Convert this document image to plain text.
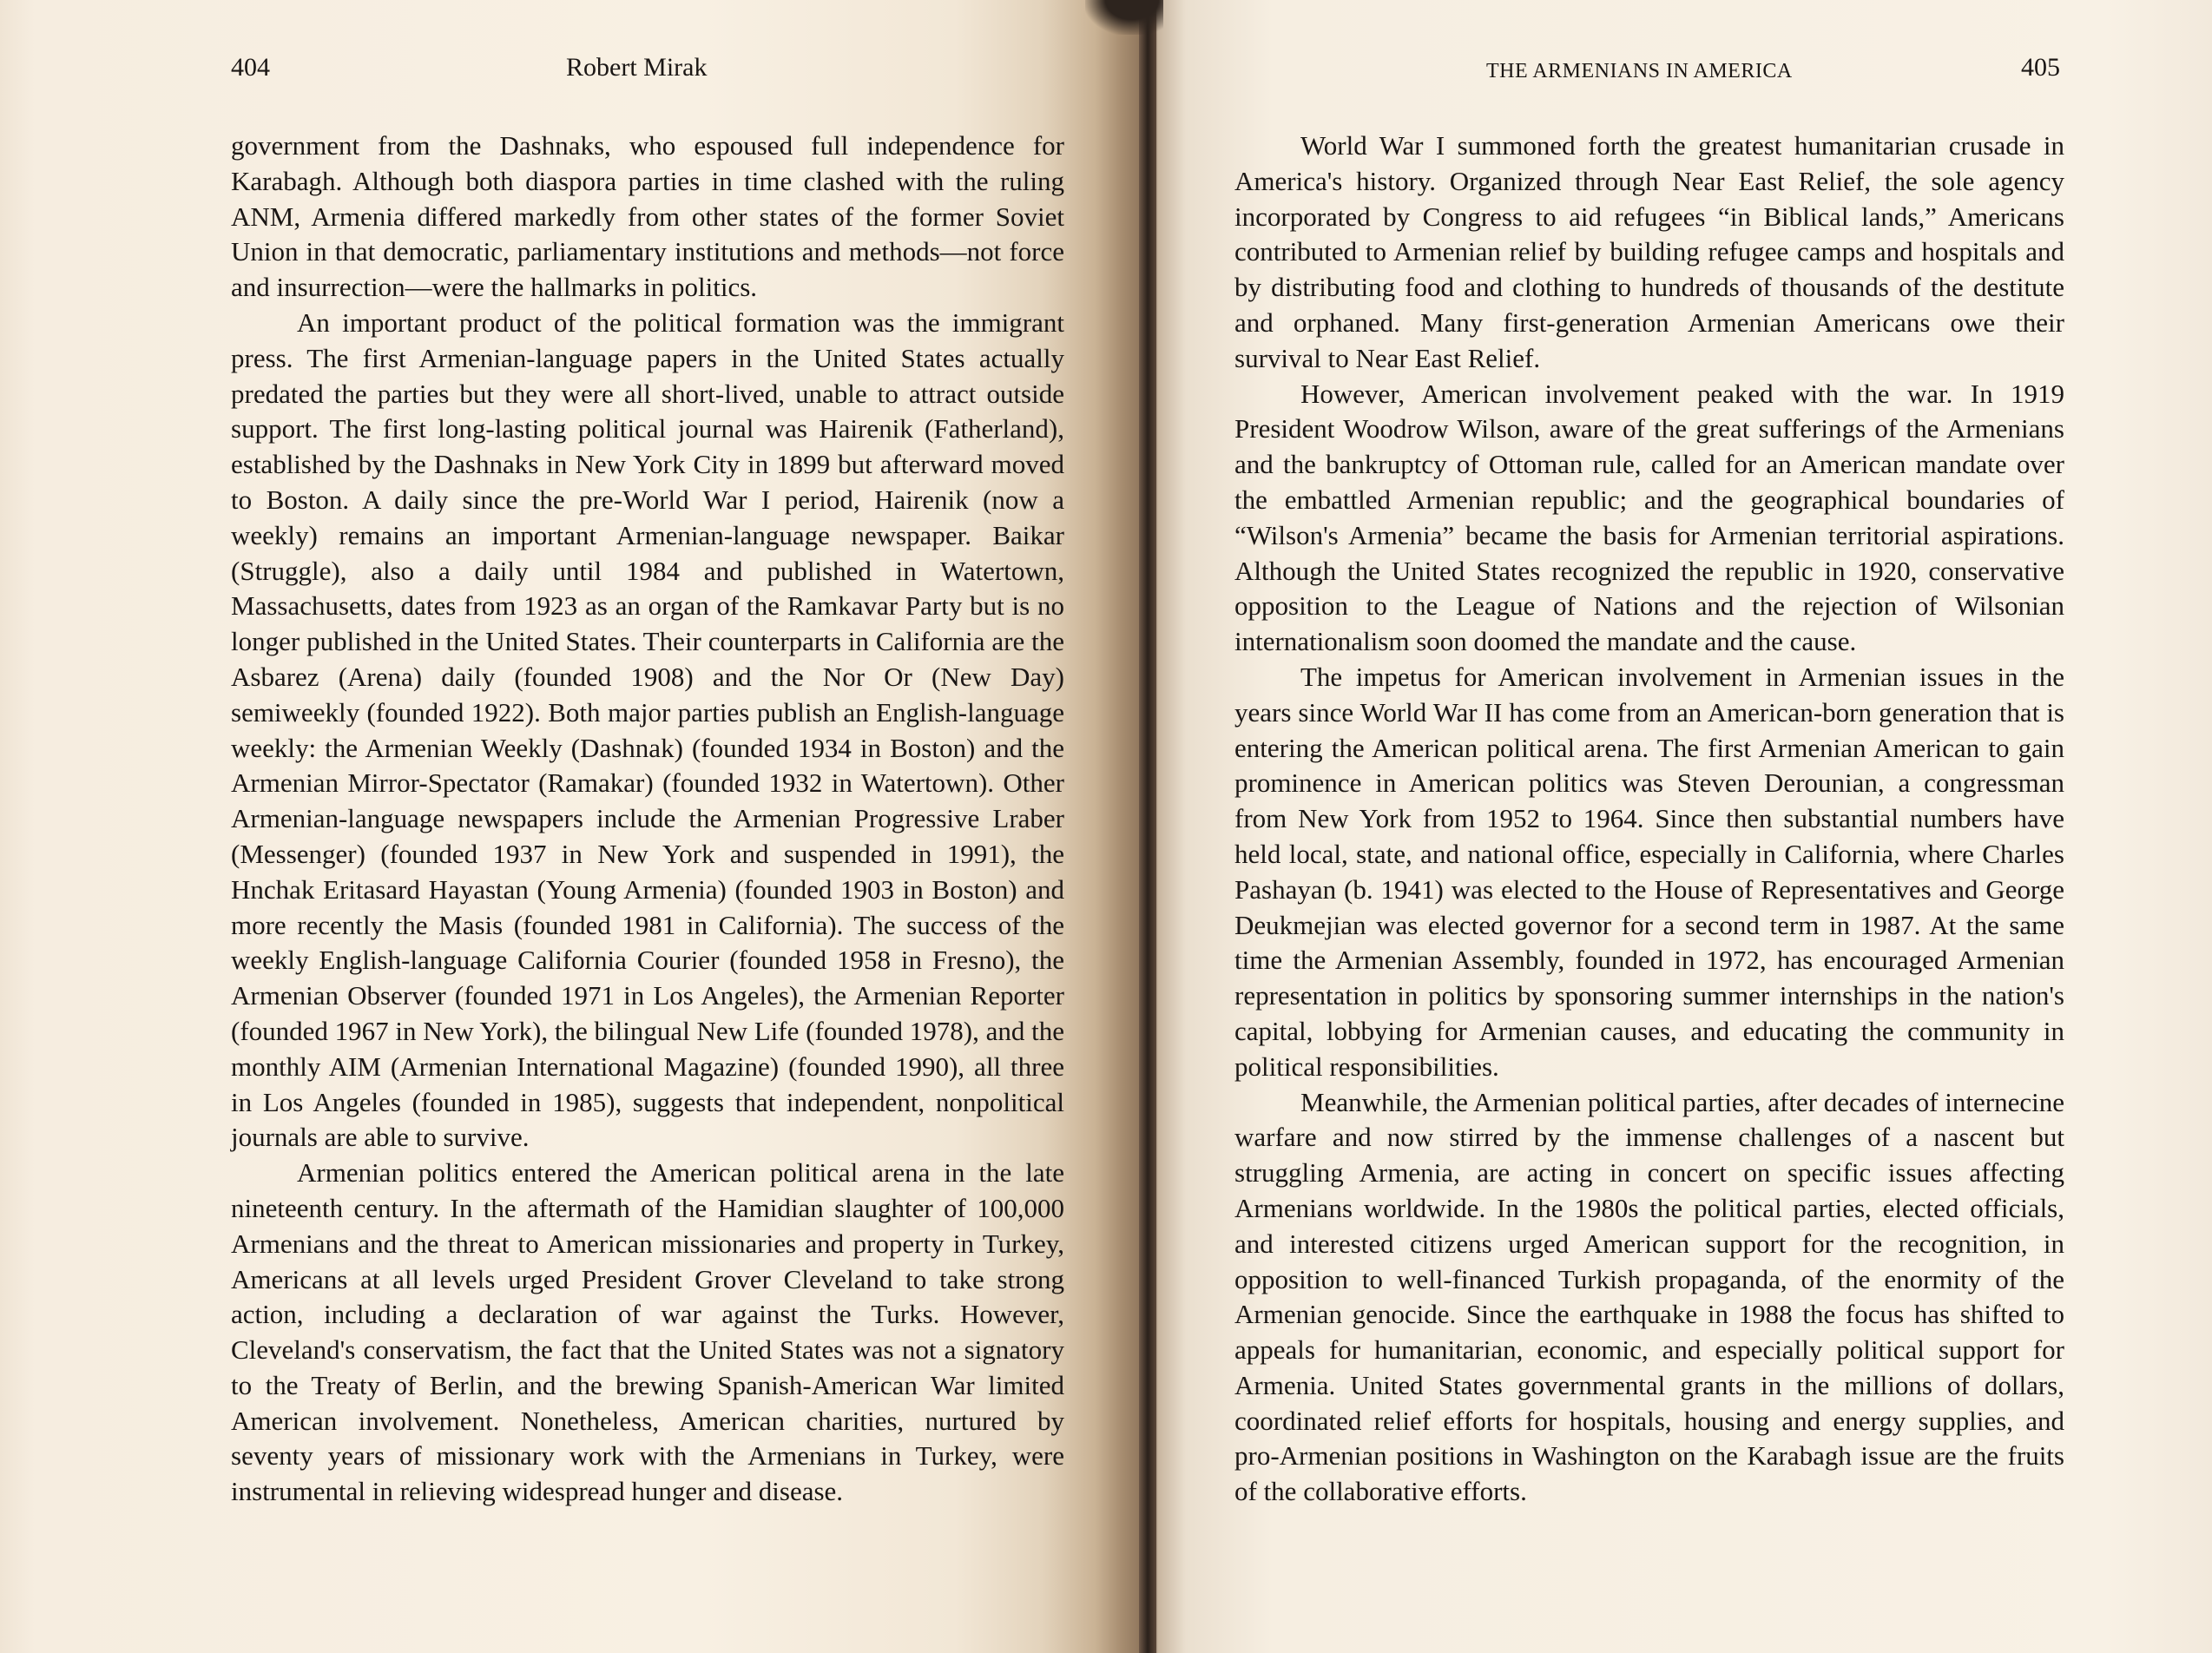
404	Robert Mirak

government from the Dashnaks, who espoused full independence for Karabagh. Although both diaspora parties in time clashed with the ruling ANM, Armenia differed markedly from other states of the former Soviet Union in that democratic, parliamentary institutions and methods—not force and insurrection—were the hallmarks in politics.

An important product of the political formation was the immigrant press. The first Armenian-language papers in the United States actually predated the parties but they were all short-lived, unable to attract outside support. The first long-lasting political journal was Hairenik (Fatherland), established by the Dashnaks in New York City in 1899 but afterward moved to Boston. A daily since the pre-World War I period, Hairenik (now a weekly) remains an important Armenian-language newspaper. Baikar (Struggle), also a daily until 1984 and published in Watertown, Massachusetts, dates from 1923 as an organ of the Ramkavar Party but is no longer published in the United States. Their counterparts in California are the Asbarez (Arena) daily (founded 1908) and the Nor Or (New Day) semiweekly (founded 1922). Both major parties publish an English-language weekly: the Armenian Weekly (Dashnak) (founded 1934 in Boston) and the Armenian Mirror-Spectator (Ramakar) (founded 1932 in Watertown). Other Armenian-language newspapers include the Armenian Progressive Lraber (Messenger) (founded 1937 in New York and suspended in 1991), the Hnchak Eritasard Hayastan (Young Armenia) (founded 1903 in Boston) and more recently the Masis (founded 1981 in California). The success of the weekly English-language California Courier (founded 1958 in Fresno), the Armenian Observer (founded 1971 in Los Angeles), the Armenian Reporter (founded 1967 in New York), the bilingual New Life (founded 1978), and the monthly AIM (Armenian International Magazine) (founded 1990), all three in Los Angeles (founded in 1985), suggests that independent, nonpolitical journals are able to survive.

Armenian politics entered the American political arena in the late nineteenth century. In the aftermath of the Hamidian slaughter of 100,000 Armenians and the threat to American missionaries and property in Turkey, Americans at all levels urged President Grover Cleveland to take strong action, including a declaration of war against the Turks. However, Cleveland's conservatism, the fact that the United States was not a signatory to the Treaty of Berlin, and the brewing Spanish-American War limited American involvement. Nonetheless, American charities, nurtured by seventy years of missionary work with the Armenians in Turkey, were instrumental in relieving widespread hunger and disease.

THE ARMENIANS IN AMERICA	405

World War I summoned forth the greatest humanitarian crusade in America's history. Organized through Near East Relief, the sole agency incorporated by Congress to aid refugees “in Biblical lands,” Americans contributed to Armenian relief by building refugee camps and hospitals and by distributing food and clothing to hundreds of thousands of the destitute and orphaned. Many first-generation Armenian Americans owe their survival to Near East Relief.

However, American involvement peaked with the war. In 1919 President Woodrow Wilson, aware of the great sufferings of the Armenians and the bankruptcy of Ottoman rule, called for an American mandate over the embattled Armenian republic; and the geographical boundaries of “Wilson's Armenia” became the basis for Armenian territorial aspirations. Although the United States recognized the republic in 1920, conservative opposition to the League of Nations and the rejection of Wilsonian internationalism soon doomed the mandate and the cause.

The impetus for American involvement in Armenian issues in the years since World War II has come from an American-born generation that is entering the American political arena. The first Armenian American to gain prominence in American politics was Steven Derounian, a congressman from New York from 1952 to 1964. Since then substantial numbers have held local, state, and national office, especially in California, where Charles Pashayan (b. 1941) was elected to the House of Representatives and George Deukmejian was elected governor for a second term in 1987. At the same time the Armenian Assembly, founded in 1972, has encouraged Armenian representation in politics by sponsoring summer internships in the nation's capital, lobbying for Armenian causes, and educating the community in political responsibilities.

Meanwhile, the Armenian political parties, after decades of internecine warfare and now stirred by the immense challenges of a nascent but struggling Armenia, are acting in concert on specific issues affecting Armenians worldwide. In the 1980s the political parties, elected officials, and interested citizens urged American support for the recognition, in opposition to well-financed Turkish propaganda, of the enormity of the Armenian genocide. Since the earthquake in 1988 the focus has shifted to appeals for humanitarian, economic, and especially political support for Armenia. United States governmental grants in the millions of dollars, coordinated relief efforts for hospitals, housing and energy supplies, and pro-Armenian positions in Washington on the Karabagh issue are the fruits of the collaborative efforts.
